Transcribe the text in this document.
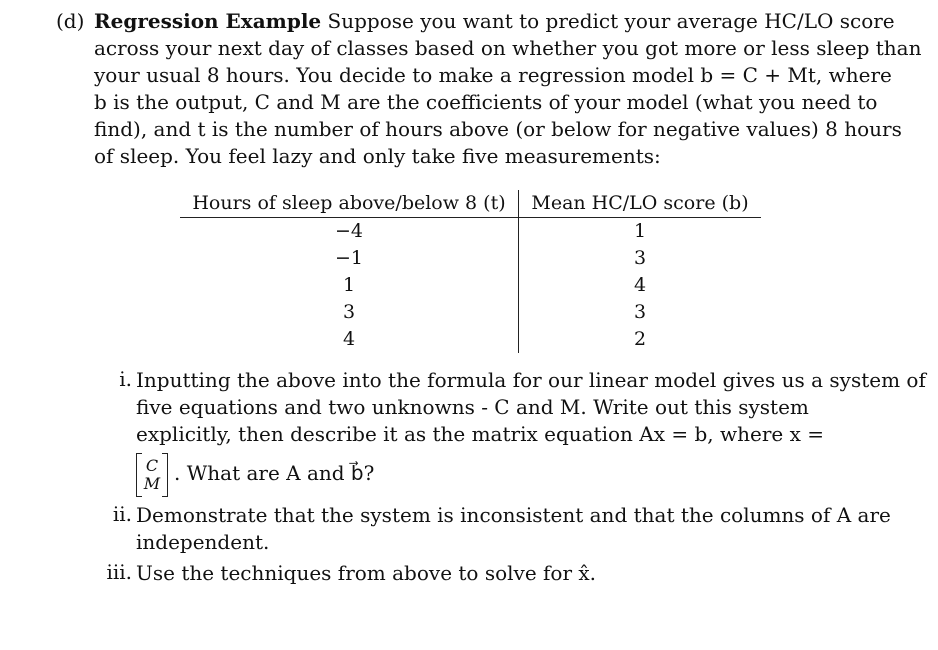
(d) Regression Example Suppose you want to predict your average HC/LO score
across your next day of classes based on whether you got more or less sleep than
your usual 8 hours. You decide to make a regression model b = C + Mt, where
b is the output, C and M are the coefficients of your model (what you need to
find), and t is the number of hours above (or below for negative values) 8 hours
of sleep. You feel lazy and only take five measurements:
Hours of sleep above/below 8 (t)	Mean HC/LO score (b)
−4	1
−1	3
1	4
3	3
4	2
i. Inputting the above into the formula for our linear model gives us a system of
five equations and two unknowns - C and M. Write out this system
explicitly, then describe it as the matrix equation Ax = b, where x =
C
M . What are A and b⃗?
ii. Demonstrate that the system is inconsistent and that the columns of A are
independent.
iii. Use the techniques from above to solve for x̂.
